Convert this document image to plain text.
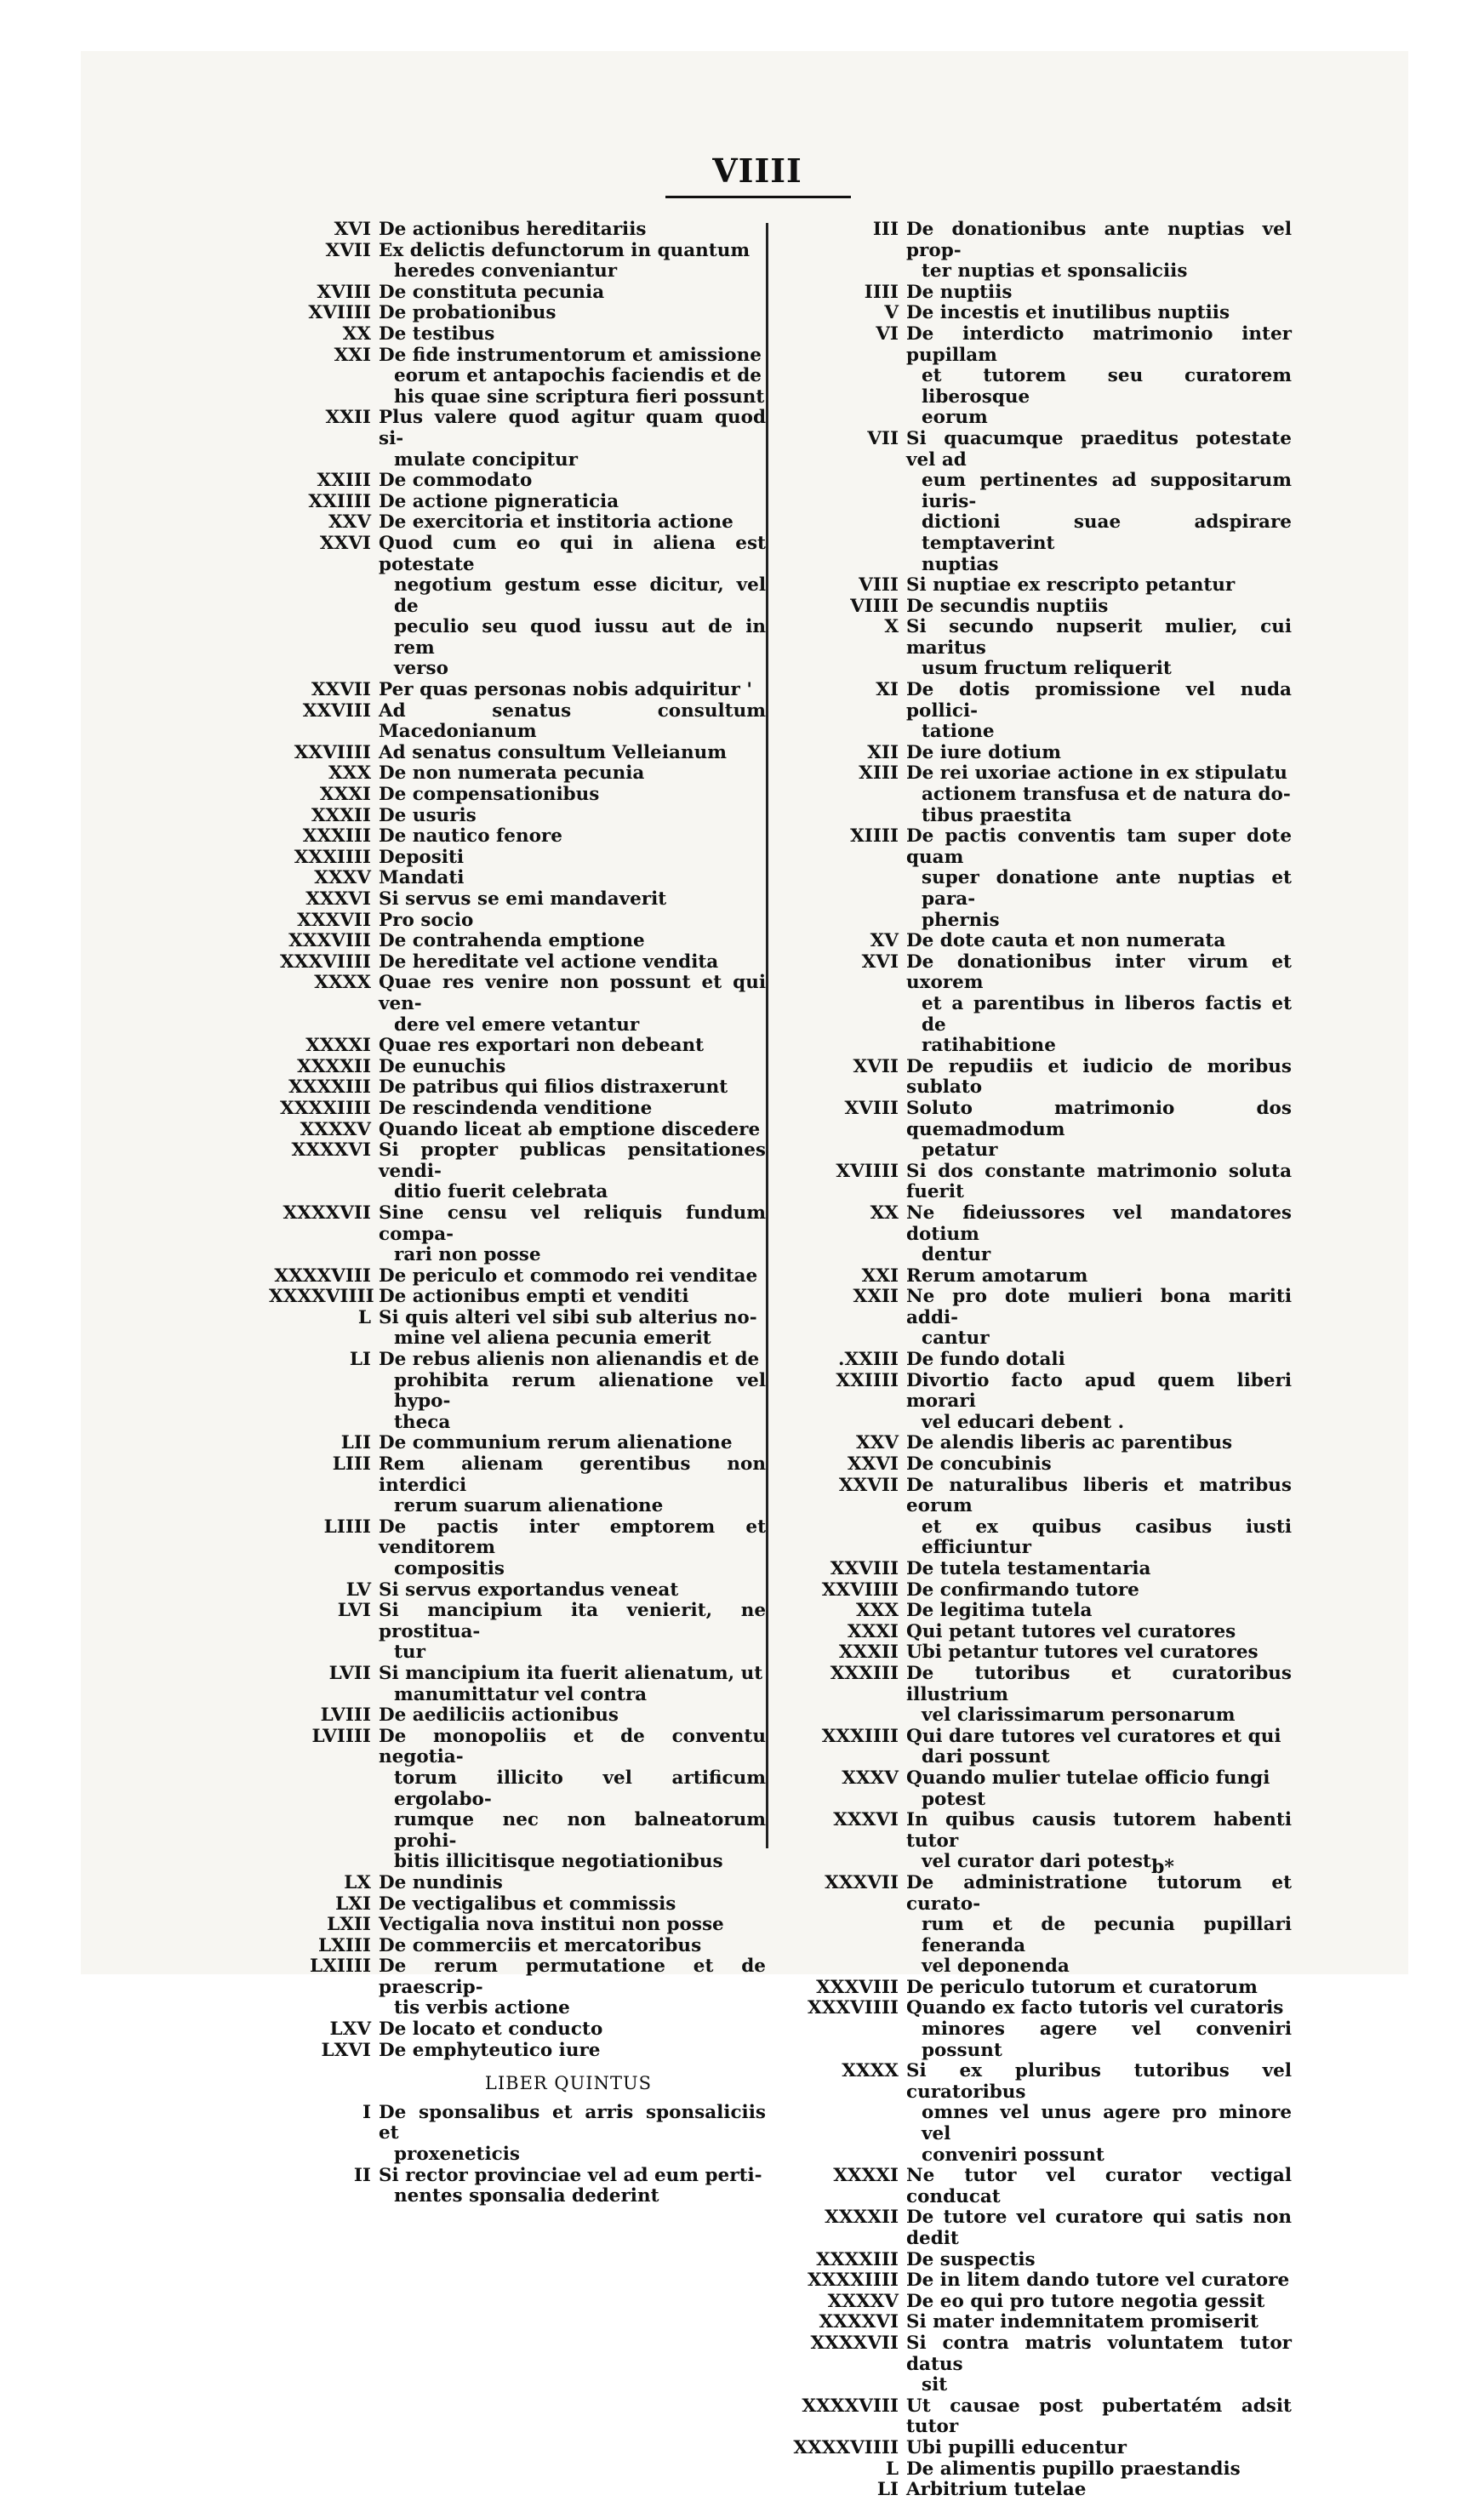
VIIII
XVI De actionibus hereditariis
XVII Ex delictis defunctorum in quantum
heredes conveniantur
XVIII De constituta pecunia
XVIIII De probationibus
XX De testibus
XXI De fide instrumentorum et amissione
eorum et antapochis faciendis et de
his quae sine scriptura fieri possunt
XXII Plus valere quod agitur quam quod si-
mulate concipitur
XXIII De commodato
XXIIII De actione pigneraticia
XXV De exercitoria et institoria actione
XXVI Quod cum eo qui in aliena est potestate
negotium gestum esse dicitur, vel de
peculio seu quod iussu aut de in rem
verso
XXVII Per quas personas nobis adquiritur '
XXVIII Ad senatus consultum Macedonianum
XXVIIII Ad senatus consultum Velleianum
XXX De non numerata pecunia
XXXI De compensationibus
XXXII De usuris
XXXIII De nautico fenore
XXXIIII Depositi
XXXV Mandati
XXXVI Si servus se emi mandaverit
XXXVII Pro socio
XXXVIII De contrahenda emptione
XXXVIIII De hereditate vel actione vendita
XXXX Quae res venire non possunt et qui ven-
dere vel emere vetantur
XXXXI Quae res exportari non debeant
XXXXII De eunuchis
XXXXIII De patribus qui filios distraxerunt
XXXXIIII De rescindenda venditione
XXXXV Quando liceat ab emptione discedere
XXXXVI Si propter publicas pensitationes vendi-
ditio fuerit celebrata
XXXXVII Sine censu vel reliquis fundum compa-
rari non posse
XXXXVIII De periculo et commodo rei venditae
XXXXVIIII De actionibus empti et venditi
L Si quis alteri vel sibi sub alterius no-
mine vel aliena pecunia emerit
LI De rebus alienis non alienandis et de
prohibita rerum alienatione vel hypo-
theca
LII De communium rerum alienatione
LIII Rem alienam gerentibus non interdici
rerum suarum alienatione
LIIII De pactis inter emptorem et venditorem
compositis
LV Si servus exportandus veneat
LVI Si mancipium ita venierit, ne prostitua-
tur
LVII Si mancipium ita fuerit alienatum, ut
manumittatur vel contra
LVIII De aediliciis actionibus
LVIIII De monopoliis et de conventu negotia-
torum illicito vel artificum ergolabo-
rumque nec non balneatorum prohi-
bitis illicitisque negotiationibus
LX De nundinis
LXI De vectigalibus et commissis
LXII Vectigalia nova institui non posse
LXIII De commerciis et mercatoribus
LXIIII De rerum permutatione et de praescrip-
tis verbis actione
LXV De locato et conducto
LXVI De emphyteutico iure
LIBER QUINTUS
I De sponsalibus et arris sponsaliciis et
proxeneticis
II Si rector provinciae vel ad eum perti-
nentes sponsalia dederint
III De donationibus ante nuptias vel prop-
ter nuptias et sponsaliciis
IIII De nuptiis
V De incestis et inutilibus nuptiis
VI De interdicto matrimonio inter pupillam
et tutorem seu curatorem liberosque
eorum
VII Si quacumque praeditus potestate vel ad
eum pertinentes ad suppositarum iuris-
dictioni suae adspirare temptaverint
nuptias
VIII Si nuptiae ex rescripto petantur
VIIII De secundis nuptiis
X Si secundo nupserit mulier, cui maritus
usum fructum reliquerit
XI De dotis promissione vel nuda pollici-
tatione
XII De iure dotium
XIII De rei uxoriae actione in ex stipulatu
actionem transfusa et de natura do-
tibus praestita
XIIII De pactis conventis tam super dote quam
super donatione ante nuptias et para-
phernis
XV De dote cauta et non numerata
XVI De donationibus inter virum et uxorem
et a parentibus in liberos factis et de
ratihabitione
XVII De repudiis et iudicio de moribus sublato
XVIII Soluto matrimonio dos quemadmodum
petatur
XVIIII Si dos constante matrimonio soluta fuerit
XX Ne fideiussores vel mandatores dotium
dentur
XXI Rerum amotarum
XXII Ne pro dote mulieri bona mariti addi-
cantur
.XXIII De fundo dotali
XXIIII Divortio facto apud quem liberi morari
vel educari debent .
XXV De alendis liberis ac parentibus
XXVI De concubinis
XXVII De naturalibus liberis et matribus eorum
et ex quibus casibus iusti efficiuntur
XXVIII De tutela testamentaria
XXVIIII De confirmando tutore
XXX De legitima tutela
XXXI Qui petant tutores vel curatores
XXXII Ubi petantur tutores vel curatores
XXXIII De tutoribus et curatoribus illustrium
vel clarissimarum personarum
XXXIIII Qui dare tutores vel curatores et qui
dari possunt
XXXV Quando mulier tutelae officio fungi
potest
XXXVI In quibus causis tutorem habenti tutor
vel curator dari potest
XXXVII De administratione tutorum et curato-
rum et de pecunia pupillari feneranda
vel deponenda
XXXVIII De periculo tutorum et curatorum
XXXVIIII Quando ex facto tutoris vel curatoris
minores agere vel conveniri possunt
XXXX Si ex pluribus tutoribus vel curatoribus
omnes vel unus agere pro minore vel
conveniri possunt
XXXXI Ne tutor vel curator vectigal conducat
XXXXII De tutore vel curatore qui satis non dedit
XXXXIII De suspectis
XXXXIIII De in litem dando tutore vel curatore
XXXXV De eo qui pro tutore negotia gessit
XXXXVI Si mater indemnitatem promiserit
XXXXVII Si contra matris voluntatem tutor datus
sit
XXXXVIII Ut causae post pubertatém adsit tutor
XXXXVIIII Ubi pupilli educentur
L De alimentis pupillo praestandis
LI Arbitrium tutelae
b*
